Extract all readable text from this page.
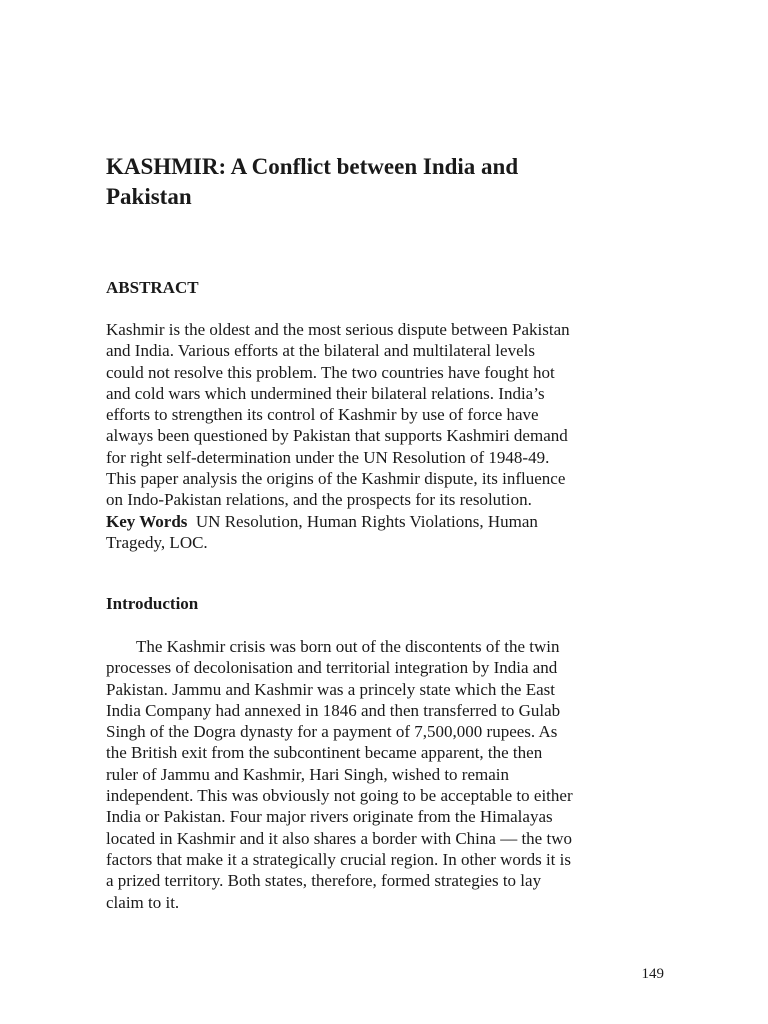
KASHMIR: A Conflict between India and
Pakistan
ABSTRACT
Kashmir is the oldest and the most serious dispute between Pakistan
and India. Various efforts at the bilateral and multilateral levels
could not resolve this problem. The two countries have fought hot
and cold wars which undermined their bilateral relations. India’s
efforts to strengthen its control of Kashmir by use of force have
always been questioned by Pakistan that supports Kashmiri demand
for right self-determination under the UN Resolution of 1948-49.
This paper analysis the origins of the Kashmir dispute, its influence
on Indo-Pakistan relations, and the prospects for its resolution.
Key Words UN Resolution, Human Rights Violations, Human
Tragedy, LOC.
Introduction
The Kashmir crisis was born out of the discontents of the twin
processes of decolonisation and territorial integration by India and
Pakistan. Jammu and Kashmir was a princely state which the East
India Company had annexed in 1846 and then transferred to Gulab
Singh of the Dogra dynasty for a payment of 7,500,000 rupees. As
the British exit from the subcontinent became apparent, the then
ruler of Jammu and Kashmir, Hari Singh, wished to remain
independent. This was obviously not going to be acceptable to either
India or Pakistan. Four major rivers originate from the Himalayas
located in Kashmir and it also shares a border with China — the two
factors that make it a strategically crucial region. In other words it is
a prized territory. Both states, therefore, formed strategies to lay
claim to it.
149
